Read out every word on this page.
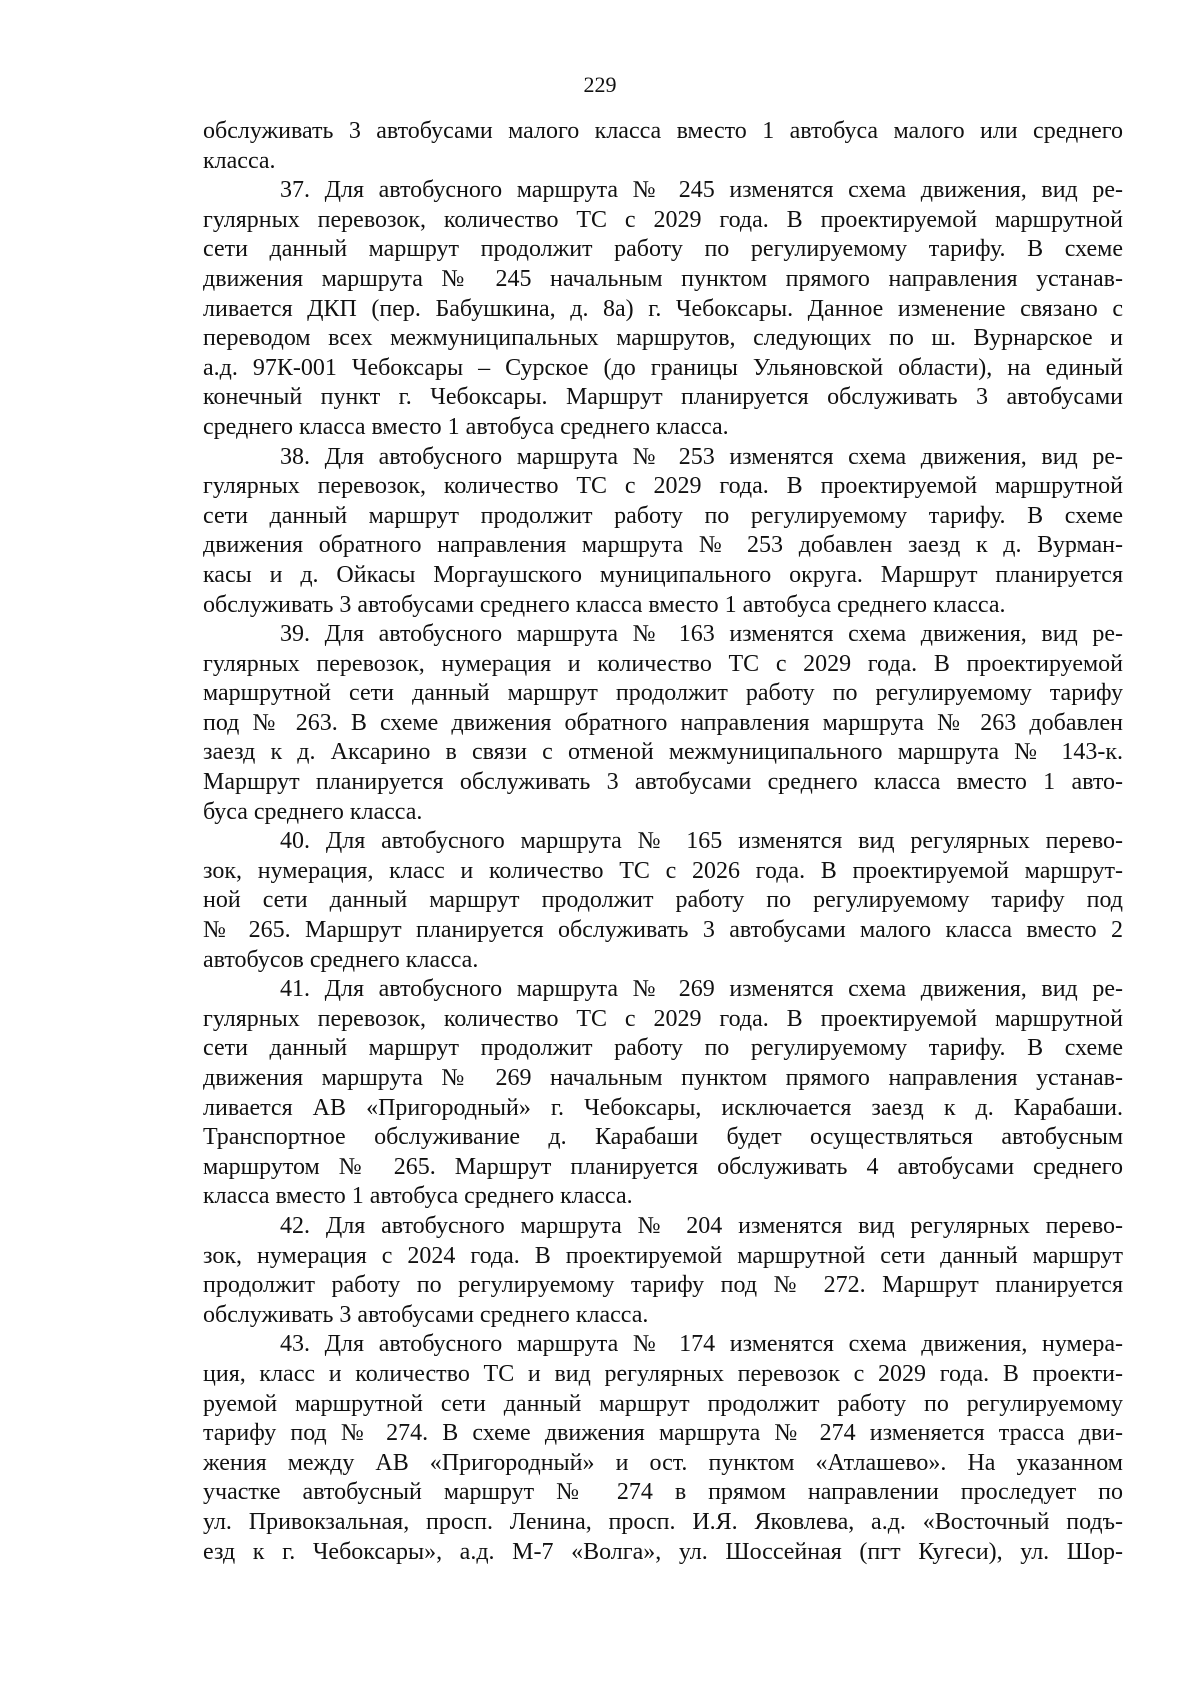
229
обслуживать 3 автобусами малого класса вместо 1 автобуса малого или среднего
класса.
37. Для автобусного маршрута № 245 изменятся схема движения, вид ре-
гулярных перевозок, количество ТС с 2029 года. В проектируемой маршрутной
сети данный маршрут продолжит работу по регулируемому тарифу. В схеме
движения маршрута № 245 начальным пунктом прямого направления устанав-
ливается ДКП (пер. Бабушкина, д. 8а) г. Чебоксары. Данное изменение связано с
переводом всех межмуниципальных маршрутов, следующих по ш. Вурнарское и
а.д. 97К-001 Чебоксары – Сурское (до границы Ульяновской области), на единый
конечный пункт г. Чебоксары. Маршрут планируется обслуживать 3 автобусами
среднего класса вместо 1 автобуса среднего класса.
38. Для автобусного маршрута № 253 изменятся схема движения, вид ре-
гулярных перевозок, количество ТС с 2029 года. В проектируемой маршрутной
сети данный маршрут продолжит работу по регулируемому тарифу. В схеме
движения обратного направления маршрута № 253 добавлен заезд к д. Вурман-
касы и д. Ойкасы Моргаушского муниципального округа. Маршрут планируется
обслуживать 3 автобусами среднего класса вместо 1 автобуса среднего класса.
39. Для автобусного маршрута № 163 изменятся схема движения, вид ре-
гулярных перевозок, нумерация и количество ТС с 2029 года. В проектируемой
маршрутной сети данный маршрут продолжит работу по регулируемому тарифу
под № 263. В схеме движения обратного направления маршрута № 263 добавлен
заезд к д. Аксарино в связи с отменой межмуниципального маршрута № 143-к.
Маршрут планируется обслуживать 3 автобусами среднего класса вместо 1 авто-
буса среднего класса.
40. Для автобусного маршрута № 165 изменятся вид регулярных перево-
зок, нумерация, класс и количество ТС с 2026 года. В проектируемой маршрут-
ной сети данный маршрут продолжит работу по регулируемому тарифу под
№ 265. Маршрут планируется обслуживать 3 автобусами малого класса вместо 2
автобусов среднего класса.
41. Для автобусного маршрута № 269 изменятся схема движения, вид ре-
гулярных перевозок, количество ТС с 2029 года. В проектируемой маршрутной
сети данный маршрут продолжит работу по регулируемому тарифу. В схеме
движения маршрута № 269 начальным пунктом прямого направления устанав-
ливается АВ «Пригородный» г. Чебоксары, исключается заезд к д. Карабаши.
Транспортное обслуживание д. Карабаши будет осуществляться автобусным
маршрутом № 265. Маршрут планируется обслуживать 4 автобусами среднего
класса вместо 1 автобуса среднего класса.
42. Для автобусного маршрута № 204 изменятся вид регулярных перево-
зок, нумерация с 2024 года. В проектируемой маршрутной сети данный маршрут
продолжит работу по регулируемому тарифу под № 272. Маршрут планируется
обслуживать 3 автобусами среднего класса.
43. Для автобусного маршрута № 174 изменятся схема движения, нумера-
ция, класс и количество ТС и вид регулярных перевозок с 2029 года. В проекти-
руемой маршрутной сети данный маршрут продолжит работу по регулируемому
тарифу под № 274. В схеме движения маршрута № 274 изменяется трасса дви-
жения между АВ «Пригородный» и ост. пунктом «Атлашево». На указанном
участке автобусный маршрут № 274 в прямом направлении проследует по
ул. Привокзальная, просп. Ленина, просп. И.Я. Яковлева, а.д. «Восточный подъ-
езд к г. Чебоксары», а.д. М-7 «Волга», ул. Шоссейная (пгт Кугеси), ул. Шор-
